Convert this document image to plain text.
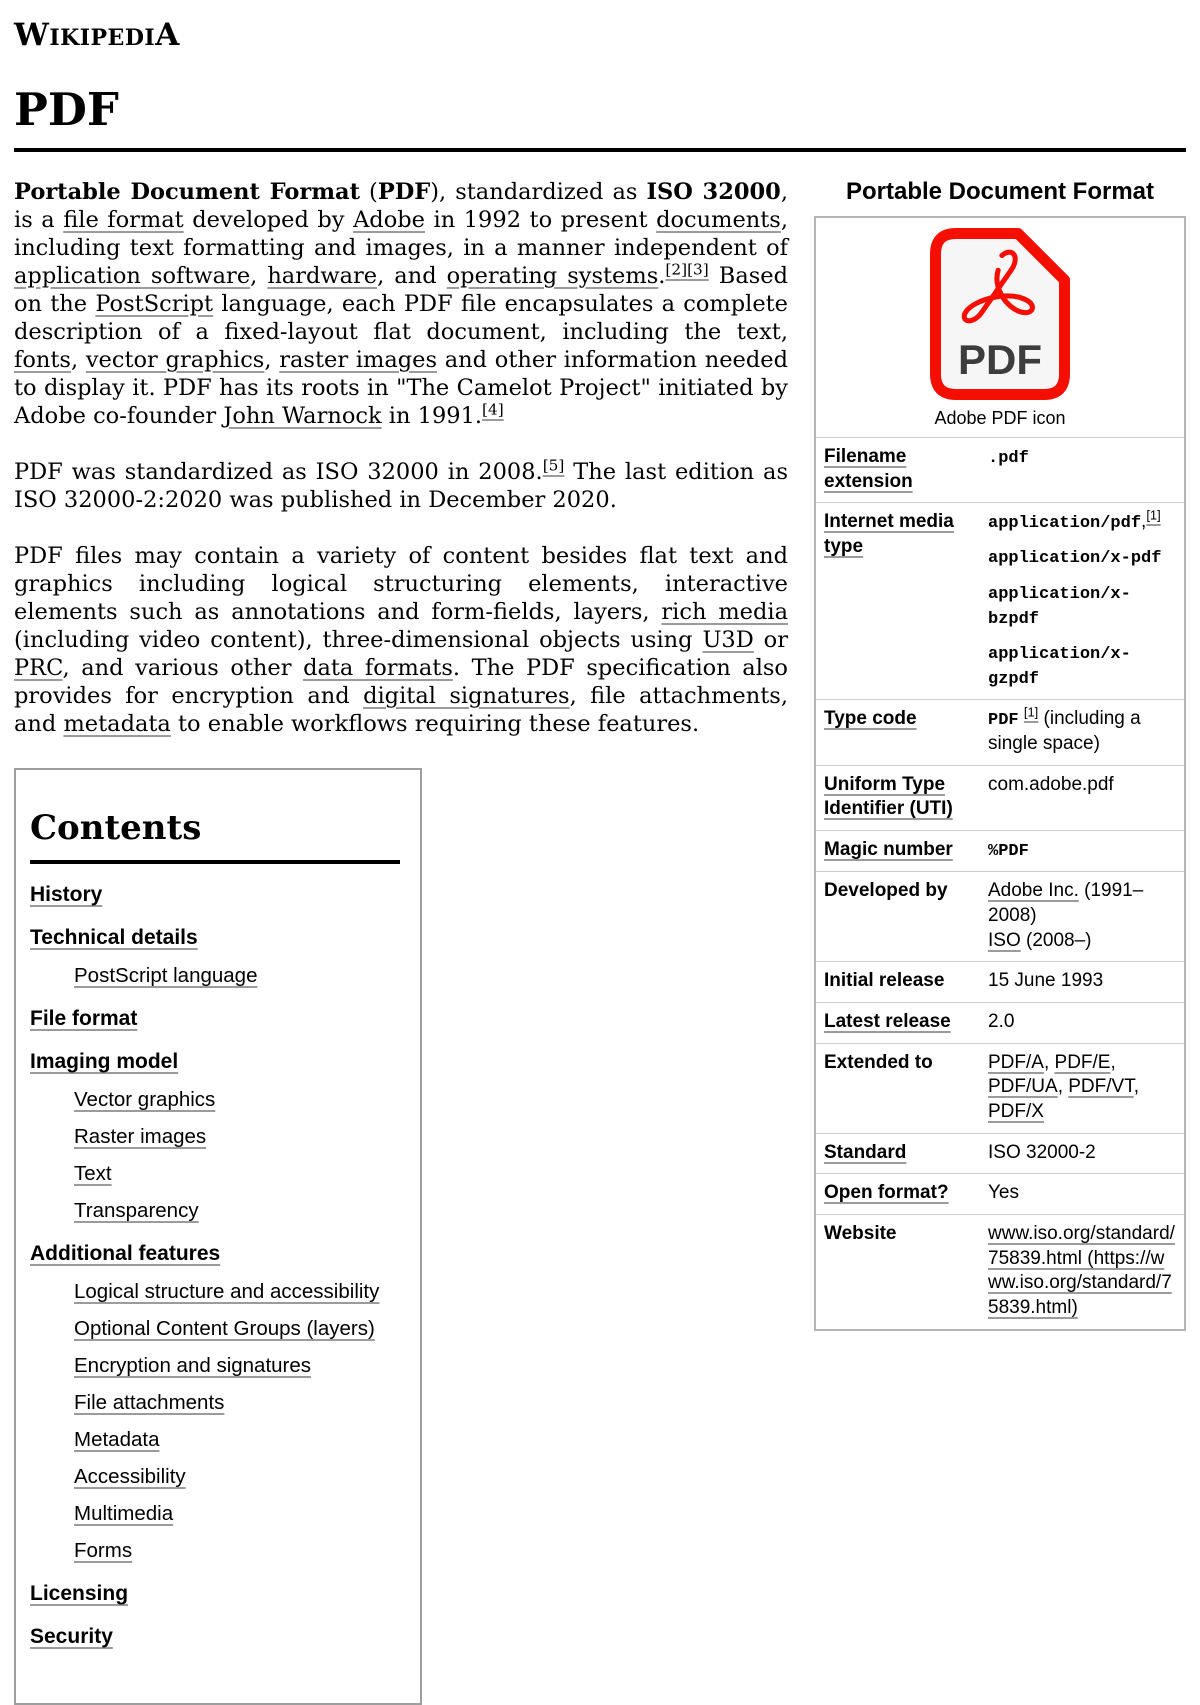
WikipediA
PDF
Portable Document Format
PDF
Adobe PDF icon
Filename extension	.pdf
Internet media type	application/pdf,[1]
application/x-pdf
application/x-bzpdf
application/x-gzpdf

Type code	PDF [1] (including a single space)
Uniform Type Identifier (UTI)	com.adobe.pdf
Magic number	%PDF
Developed by	Adobe Inc. (1991–2008)
ISO (2008–)
Initial release	15 June 1993
Latest release	2.0
Extended to	PDF/A, PDF/E, PDF/UA, PDF/VT, PDF/X
Standard	ISO 32000-2
Open format?	Yes
Website	www.iso.org/standard/75839.html (https://www.iso.org/standard/75839.html)

Portable Document Format (PDF), standardized as ISO 32000, is a file format developed by Adobe in 1992 to present documents, including text formatting and images, in a manner independent of application software, hardware, and operating systems.[2][3] Based on the PostScript language, each PDF file encapsulates a complete description of a fixed-layout flat document, including the text, fonts, vector graphics, raster images and other information needed to display it. PDF has its roots in "The Camelot Project" initiated by Adobe co-founder John Warnock in 1991.[4]

PDF was standardized as ISO 32000 in 2008.[5] The last edition as ISO 32000-2:2020 was published in December 2020.

PDF files may contain a variety of content besides flat text and graphics including logical structuring elements, interactive elements such as annotations and form-fields, layers, rich media (including video content), three-dimensional objects using U3D or PRC, and various other data formats. The PDF specification also provides for encryption and digital signatures, file attachments, and metadata to enable workflows requiring these features.

Contents
History
Technical details
PostScript language
File format
Imaging model
Vector graphics
Raster images
Text
Transparency
Additional features
Logical structure and accessibility
Optional Content Groups (layers)
Encryption and signatures
File attachments
Metadata
Accessibility
Multimedia
Forms
Licensing
Security
